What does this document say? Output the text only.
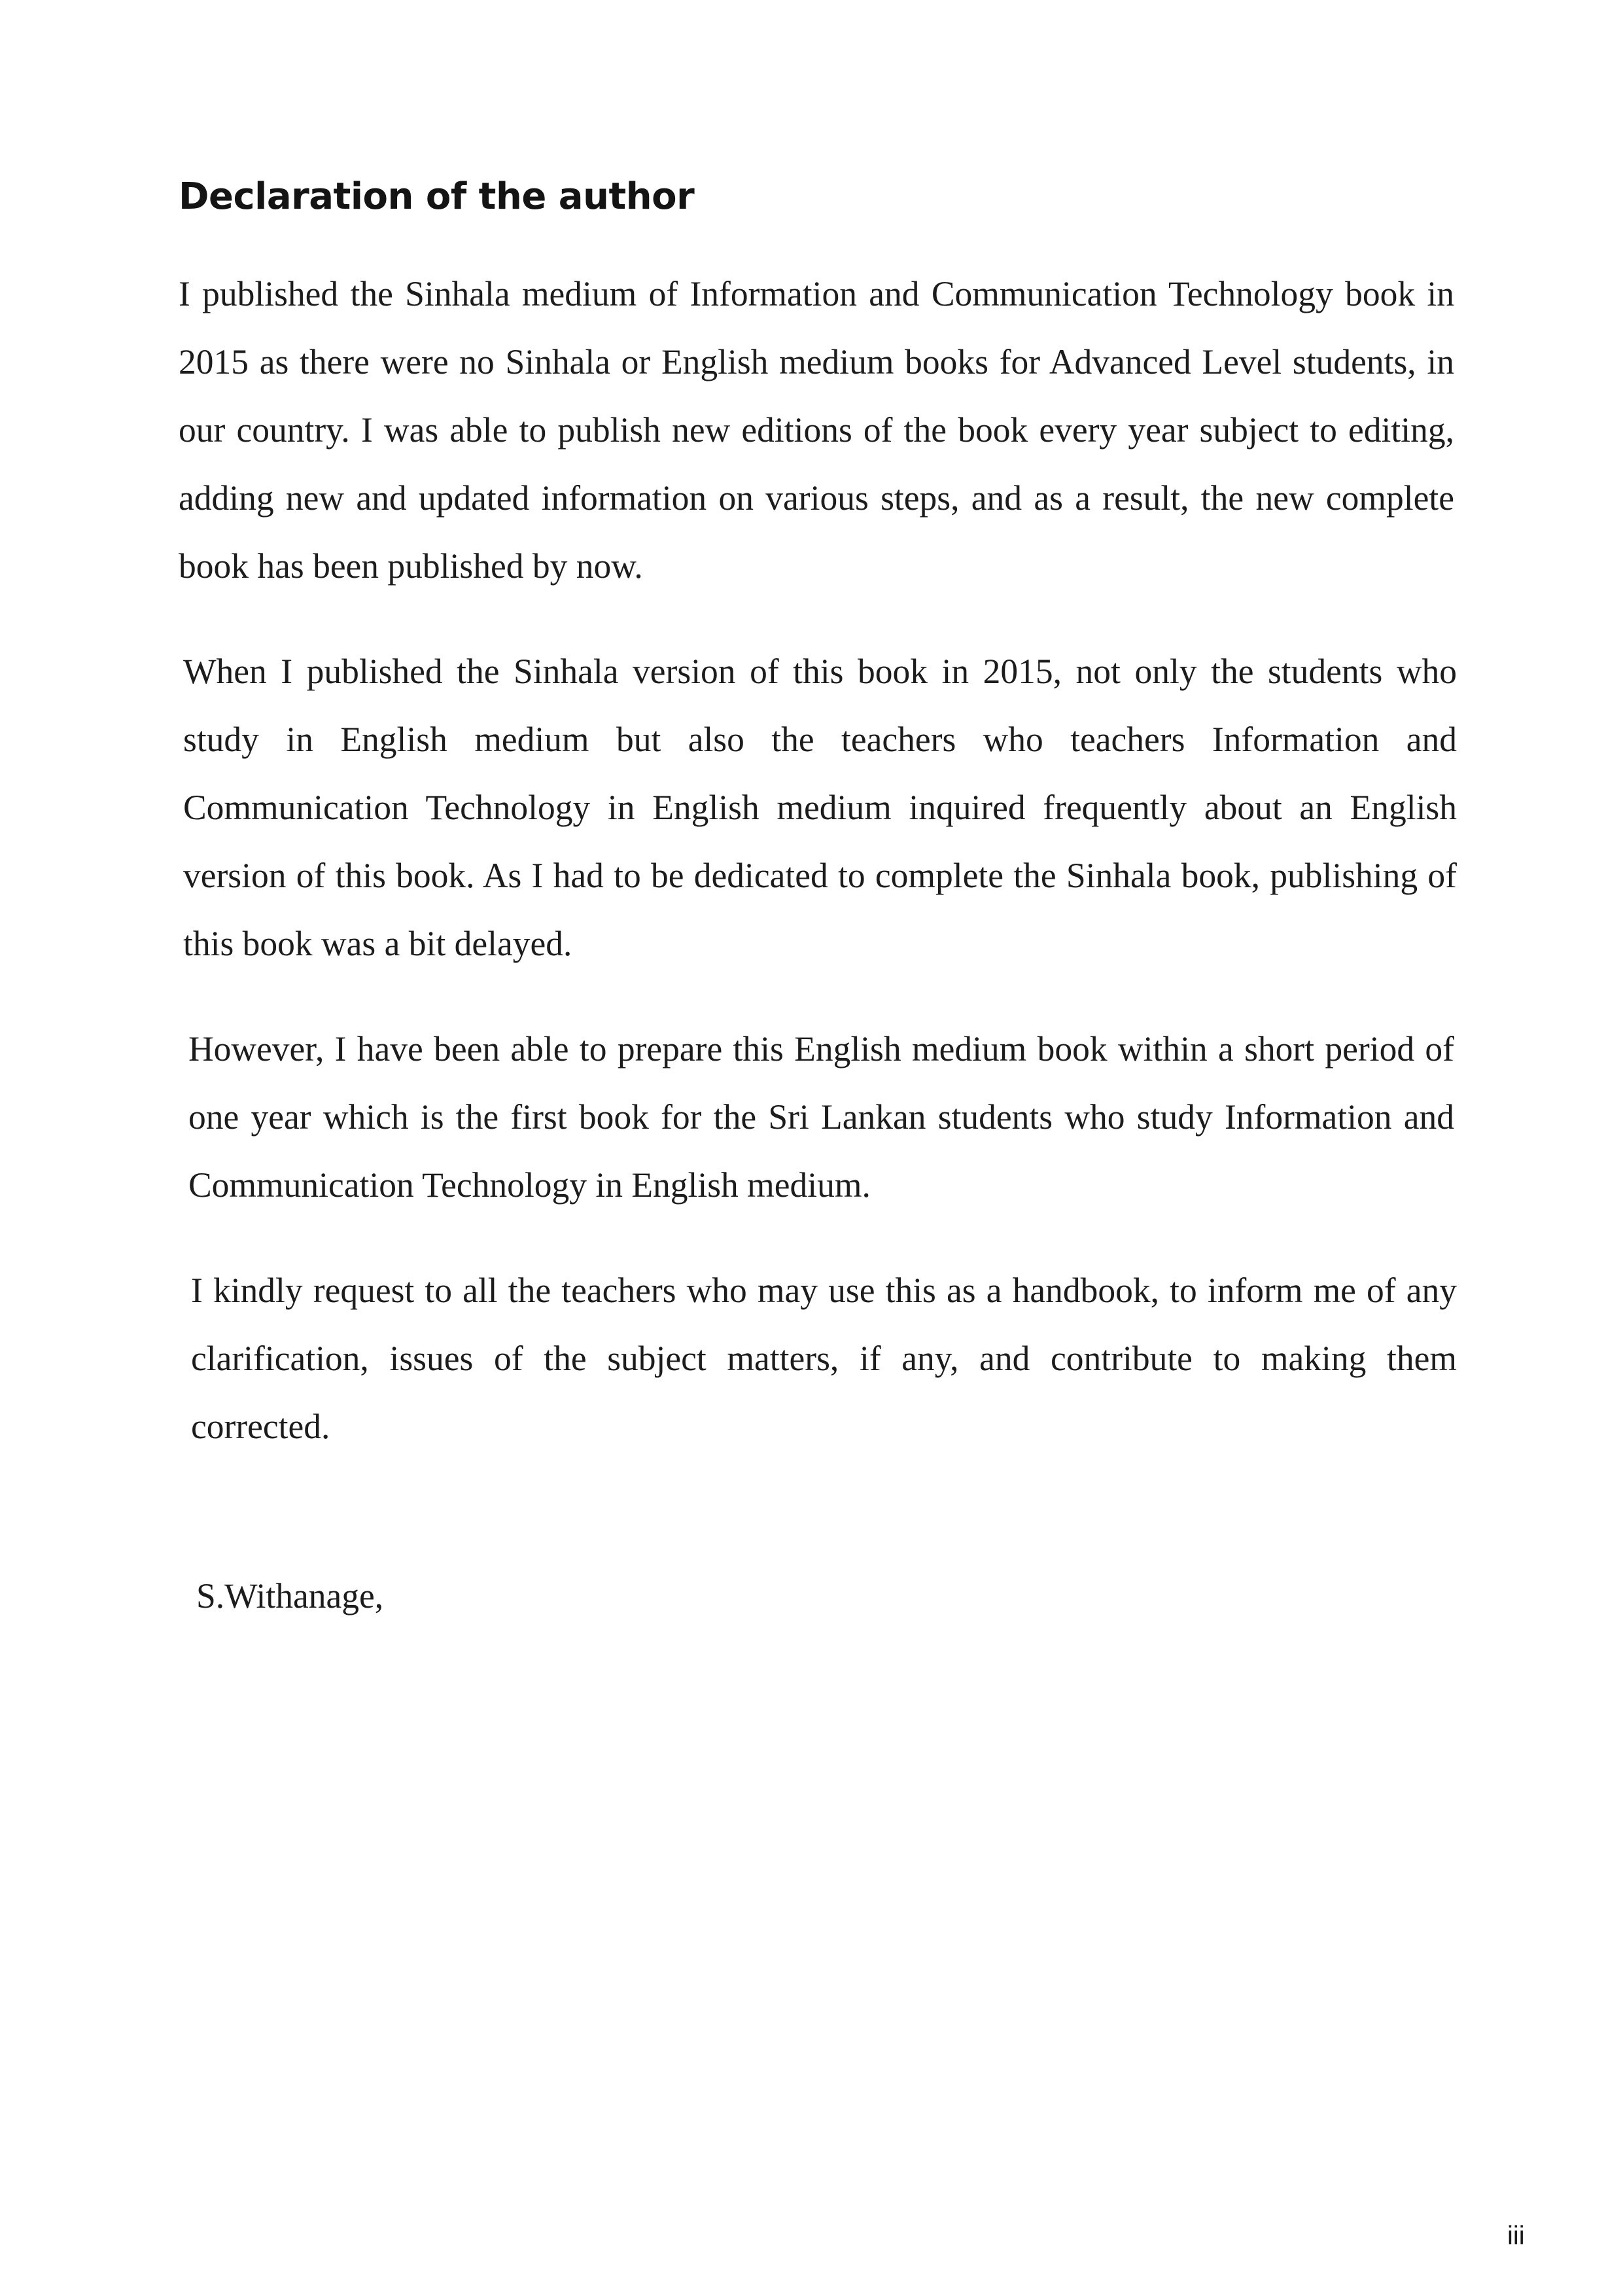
Declaration of the author

I published the Sinhala medium of Information and Communication Technology book in 2015 as there were no Sinhala or English medium books for Advanced Level students, in our country. I was able to publish new editions of the book every year subject to editing, adding new and updated information on various steps, and as a result, the new complete book has been published by now.

When I published the Sinhala version of this book in 2015, not only the students who study in English medium but also the teachers who teachers Information and Communication Technology in English medium inquired frequently about an English version of this book. As I had to be dedicated to complete the Sinhala book, publishing of this book was a bit delayed.

However, I have been able to prepare this English medium book within a short period of one year which is the first book for the Sri Lankan students who study Information and Communication Technology in English medium.

I kindly request to all the teachers who may use this as a handbook, to inform me of any clarification, issues of the subject matters, if any, and contribute to making them corrected.

S.Withanage,

iii
